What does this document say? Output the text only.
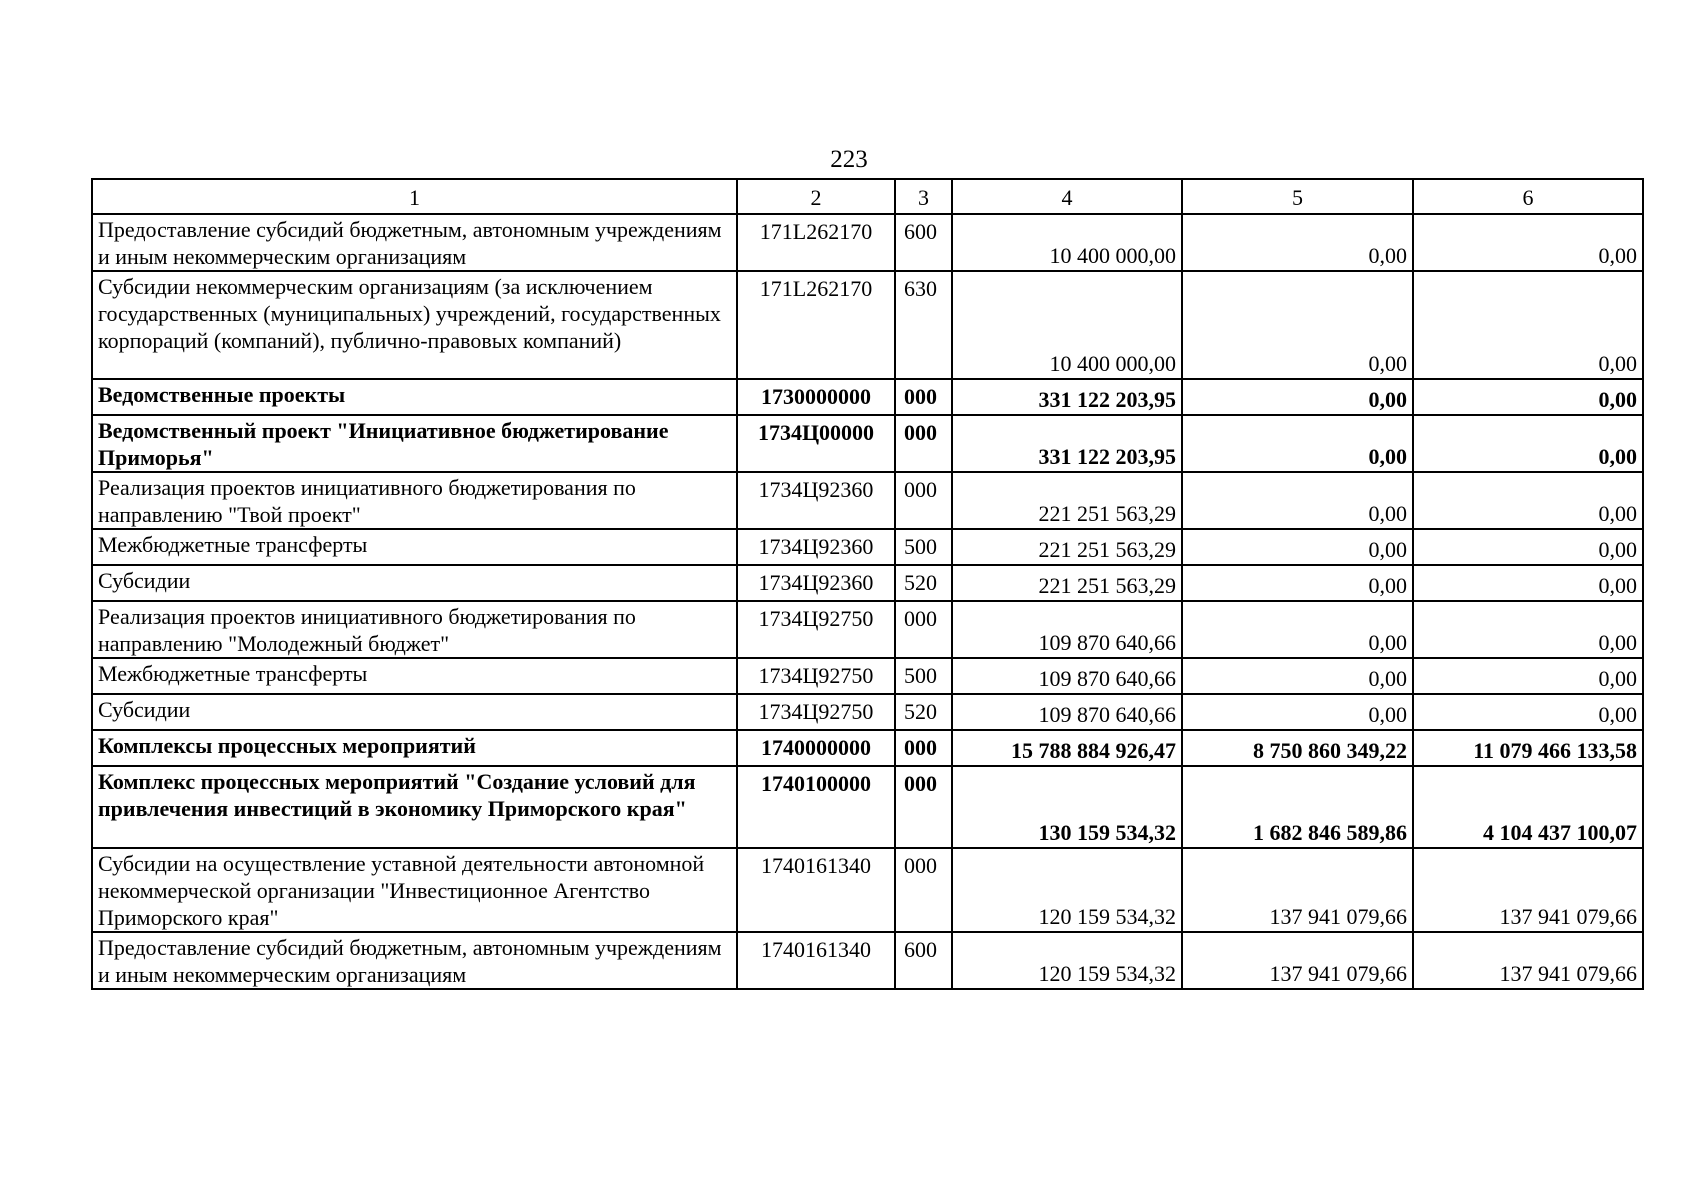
223
1	2	3	4	5	6
Предоставление субсидий бюджетным, автономным учреждениям и иным некоммерческим организациям	171L262170	600	10 400 000,00	0,00	0,00
Субсидии некоммерческим организациям (за исключением государственных (муниципальных) учреждений, государственных корпораций (компаний), публично-правовых компаний)	171L262170	630	10 400 000,00	0,00	0,00
Ведомственные проекты	1730000000	000	331 122 203,95	0,00	0,00
Ведомственный проект "Инициативное бюджетирование Приморья"	1734Ц00000	000	331 122 203,95	0,00	0,00
Реализация проектов инициативного бюджетирования по направлению "Твой проект"	1734Ц92360	000	221 251 563,29	0,00	0,00
Межбюджетные трансферты	1734Ц92360	500	221 251 563,29	0,00	0,00
Субсидии	1734Ц92360	520	221 251 563,29	0,00	0,00
Реализация проектов инициативного бюджетирования по направлению "Молодежный бюджет"	1734Ц92750	000	109 870 640,66	0,00	0,00
Межбюджетные трансферты	1734Ц92750	500	109 870 640,66	0,00	0,00
Субсидии	1734Ц92750	520	109 870 640,66	0,00	0,00
Комплексы процессных мероприятий	1740000000	000	15 788 884 926,47	8 750 860 349,22	11 079 466 133,58
Комплекс процессных мероприятий "Создание условий для привлечения инвестиций в экономику Приморского края"	1740100000	000	130 159 534,32	1 682 846 589,86	4 104 437 100,07
Субсидии на осуществление уставной деятельности автономной некоммерческой организации "Инвестиционное Агентство Приморского края"	1740161340	000	120 159 534,32	137 941 079,66	137 941 079,66
Предоставление субсидий бюджетным, автономным учреждениям и иным некоммерческим организациям	1740161340	600	120 159 534,32	137 941 079,66	137 941 079,66
